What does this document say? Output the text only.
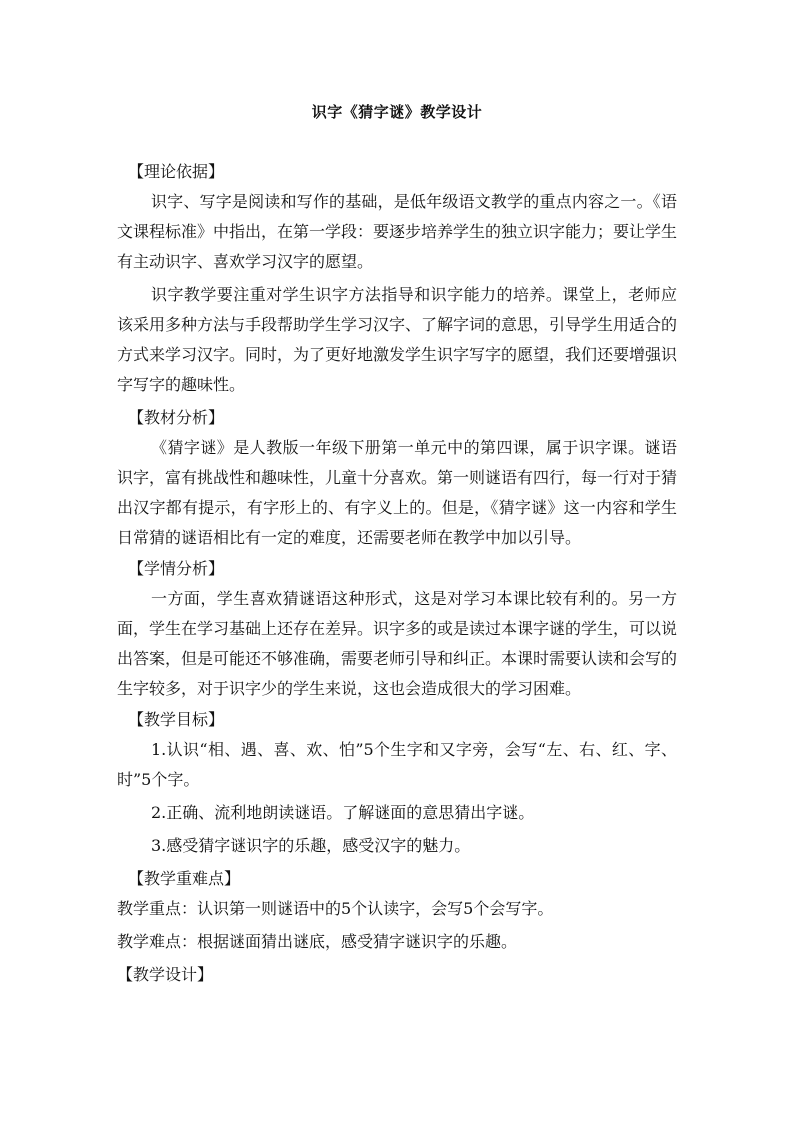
识字《猜字谜》教学设计
【理论依据】

识字、写字是阅读和写作的基础，是低年级语文教学的重点内容之一。《语文课程标准》中指出，在第一学段：要逐步培养学生的独立识字能力；要让学生有主动识字、喜欢学习汉字的愿望。

识字教学要注重对学生识字方法指导和识字能力的培养。课堂上，老师应该采用多种方法与手段帮助学生学习汉字、了解字词的意思，引导学生用适合的方式来学习汉字。同时，为了更好地激发学生识字写字的愿望，我们还要增强识字写字的趣味性。

【教材分析】

《猜字谜》是人教版一年级下册第一单元中的第四课，属于识字课。谜语识字，富有挑战性和趣味性，儿童十分喜欢。第一则谜语有四行，每一行对于猜出汉字都有提示，有字形上的、有字义上的。但是，《猜字谜》这一内容和学生日常猜的谜语相比有一定的难度，还需要老师在教学中加以引导。

【学情分析】

一方面，学生喜欢猜谜语这种形式，这是对学习本课比较有利的。另一方面，学生在学习基础上还存在差异。识字多的或是读过本课字谜的学生，可以说出答案，但是可能还不够准确，需要老师引导和纠正。本课时需要认读和会写的生字较多，对于识字少的学生来说，这也会造成很大的学习困难。

【教学目标】

1.认识“相、遇、喜、欢、怕”5个生字和又字旁，会写“左、右、红、字、时”5个字。

2.正确、流利地朗读谜语。了解谜面的意思猜出字谜。

3.感受猜字谜识字的乐趣，感受汉字的魅力。

【教学重难点】

教学重点：认识第一则谜语中的5个认读字，会写5个会写字。

教学难点：根据谜面猜出谜底，感受猜字谜识字的乐趣。

【教学设计】
